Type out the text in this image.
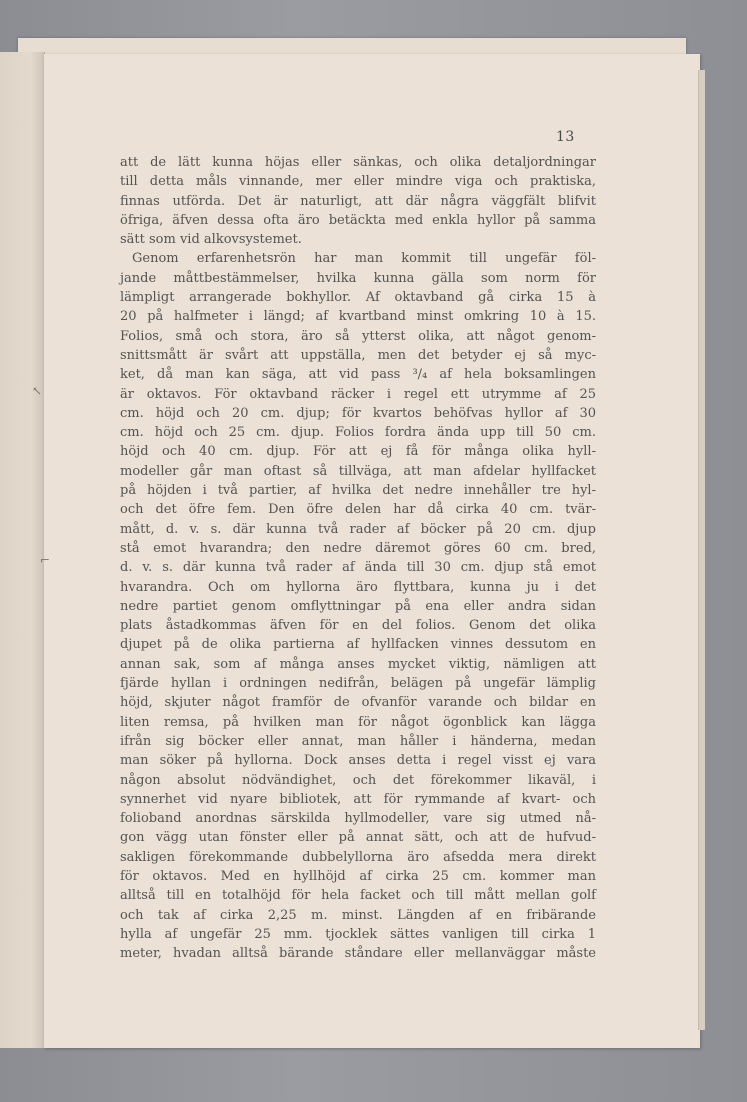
↖
⌐
13
att de lätt kunna höjas eller sänkas, och olika detaljordningar
till detta måls vinnande, mer eller mindre viga och praktiska,
finnas utförda. Det är naturligt, att där några väggfält blifvit
öfriga, äfven dessa ofta äro betäckta med enkla hyllor på samma
sätt som vid alkovsystemet.
Genom erfarenhetsrön har man kommit till ungefär föl-
jande måttbestämmelser, hvilka kunna gälla som norm för
lämpligt arrangerade bokhyllor. Af oktavband gå cirka 15 à
20 på halfmeter i längd; af kvartband minst omkring 10 à 15.
Folios, små och stora, äro så ytterst olika, att något genom-
snittsmått är svårt att uppställa, men det betyder ej så myc-
ket, då man kan säga, att vid pass ³/₄ af hela boksamlingen
är oktavos. För oktavband räcker i regel ett utrymme af 25
cm. höjd och 20 cm. djup; för kvartos behöfvas hyllor af 30
cm. höjd och 25 cm. djup. Folios fordra ända upp till 50 cm.
höjd och 40 cm. djup. För att ej få för många olika hyll-
modeller går man oftast så tillväga, att man afdelar hyllfacket
på höjden i två partier, af hvilka det nedre innehåller tre hyl-
och det öfre fem. Den öfre delen har då cirka 40 cm. tvär-
mått, d. v. s. där kunna två rader af böcker på 20 cm. djup
stå emot hvarandra; den nedre däremot göres 60 cm. bred,
d. v. s. där kunna två rader af ända till 30 cm. djup stå emot
hvarandra. Och om hyllorna äro flyttbara, kunna ju i det
nedre partiet genom omflyttningar på ena eller andra sidan
plats åstadkommas äfven för en del folios. Genom det olika
djupet på de olika partierna af hyllfacken vinnes dessutom en
annan sak, som af många anses mycket viktig, nämligen att
fjärde hyllan i ordningen nedifrån, belägen på ungefär lämplig
höjd, skjuter något framför de ofvanför varande och bildar en
liten remsa, på hvilken man för något ögonblick kan lägga
ifrån sig böcker eller annat, man håller i händerna, medan
man söker på hyllorna. Dock anses detta i regel visst ej vara
någon absolut nödvändighet, och det förekommer likaväl, i
synnerhet vid nyare bibliotek, att för rymmande af kvart- och
folioband anordnas särskilda hyllmodeller, vare sig utmed nå-
gon vägg utan fönster eller på annat sätt, och att de hufvud-
sakligen förekommande dubbelyllorna äro afsedda mera direkt
för oktavos. Med en hyllhöjd af cirka 25 cm. kommer man
alltså till en totalhöjd för hela facket och till mått mellan golf
och tak af cirka 2,25 m. minst. Längden af en fribärande
hylla af ungefär 25 mm. tjocklek sättes vanligen till cirka 1
meter, hvadan alltså bärande ståndare eller mellanväggar måste
